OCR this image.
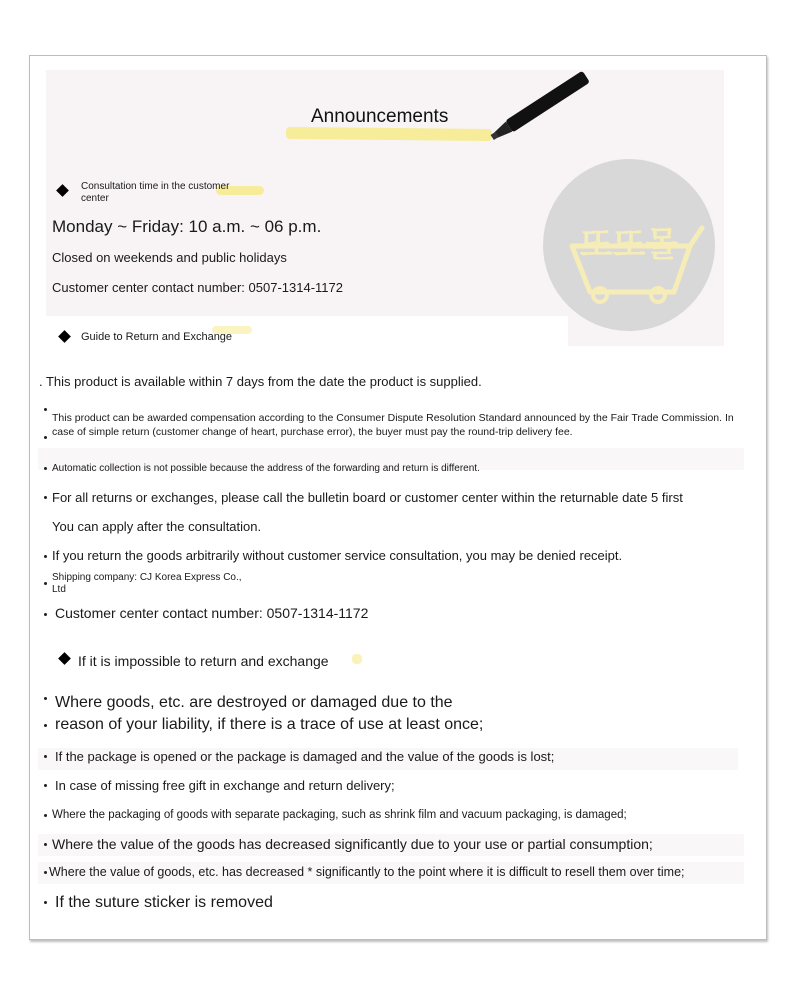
Announcements
또또몰
Consultation time in the customer center
Monday ~ Friday: 10 a.m. ~ 06 p.m.
Closed on weekends and public holidays
Customer center contact number: 0507-1314-1172
Guide to Return and Exchange
. This product is available within 7 days from the date the product is supplied.
This product can be awarded compensation according to the Consumer Dispute Resolution Standard announced by the Fair Trade Commission. In case of simple return (customer change of heart, purchase error), the buyer must pay the round-trip delivery fee.
Automatic collection is not possible because the address of the forwarding and return is different.
For all returns or exchanges, please call the bulletin board or customer center within the returnable date 5 first
You can apply after the consultation.
If you return the goods arbitrarily without customer service consultation, you may be denied receipt.
Shipping company: CJ Korea Express Co., Ltd
Customer center contact number: 0507-1314-1172
If it is impossible to return and exchange
Where goods, etc. are destroyed or damaged due to the
reason of your liability, if there is a trace of use at least once;
If the package is opened or the package is damaged and the value of the goods is lost;
In case of missing free gift in exchange and return delivery;
Where the packaging of goods with separate packaging, such as shrink film and vacuum packaging, is damaged;
Where the value of the goods has decreased significantly due to your use or partial consumption;
Where the value of goods, etc. has decreased * significantly to the point where it is difficult to resell them over time;
If the suture sticker is removed
